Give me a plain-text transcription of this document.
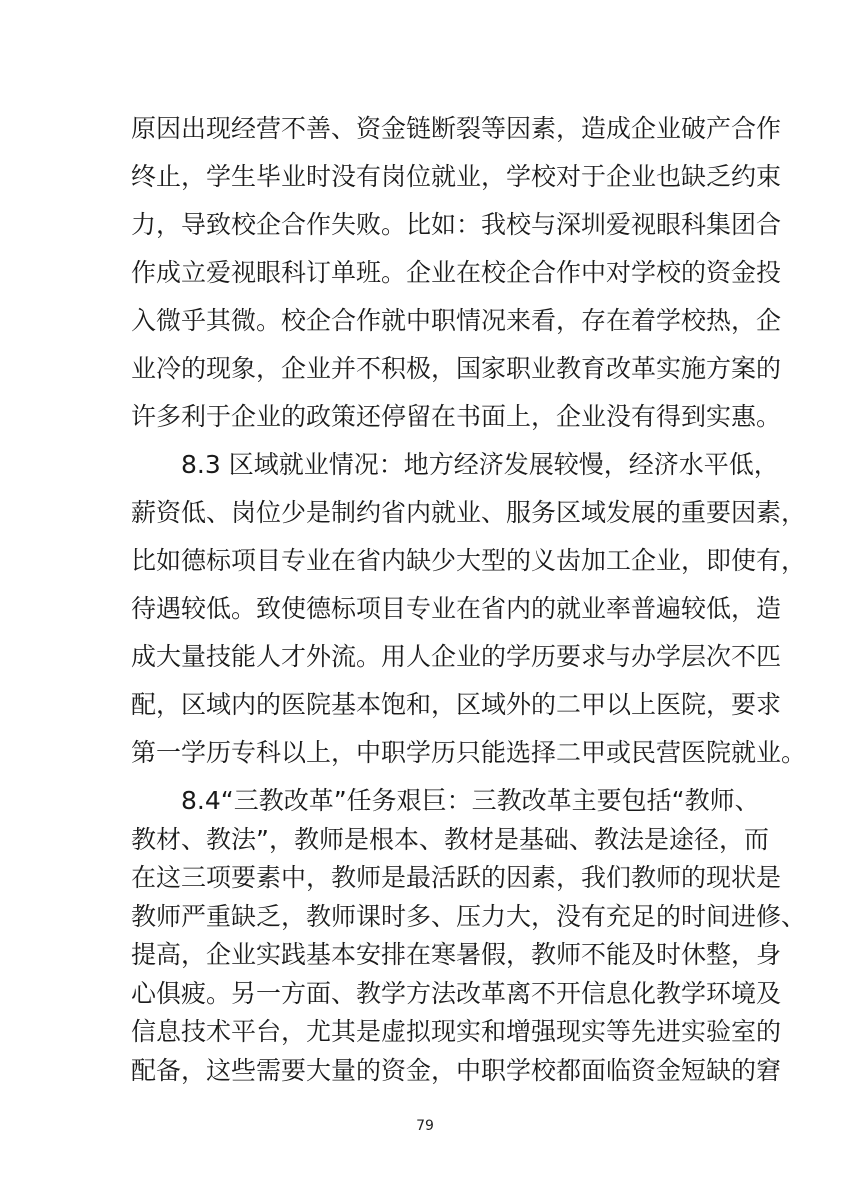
原因出现经营不善、资金链断裂等因素，造成企业破产合作
终止，学生毕业时没有岗位就业，学校对于企业也缺乏约束
力，导致校企合作失败。比如：我校与深圳爱视眼科集团合
作成立爱视眼科订单班。企业在校企合作中对学校的资金投
入微乎其微。校企合作就中职情况来看，存在着学校热，企
业冷的现象，企业并不积极，国家职业教育改革实施方案的
许多利于企业的政策还停留在书面上，企业没有得到实惠。
8.3 区域就业情况：地方经济发展较慢，经济水平低，
薪资低、岗位少是制约省内就业、服务区域发展的重要因素，
比如德标项目专业在省内缺少大型的义齿加工企业，即使有，
待遇较低。致使德标项目专业在省内的就业率普遍较低，造
成大量技能人才外流。用人企业的学历要求与办学层次不匹
配，区域内的医院基本饱和，区域外的二甲以上医院，要求
第一学历专科以上，中职学历只能选择二甲或民营医院就业。
8.4“三教改革”任务艰巨：三教改革主要包括“教师、
教材、教法”，教师是根本、教材是基础、教法是途径，而
在这三项要素中，教师是最活跃的因素，我们教师的现状是
教师严重缺乏，教师课时多、压力大，没有充足的时间进修、
提高，企业实践基本安排在寒暑假，教师不能及时休整，身
心俱疲。另一方面、教学方法改革离不开信息化教学环境及
信息技术平台，尤其是虚拟现实和增强现实等先进实验室的
配备，这些需要大量的资金，中职学校都面临资金短缺的窘
79
